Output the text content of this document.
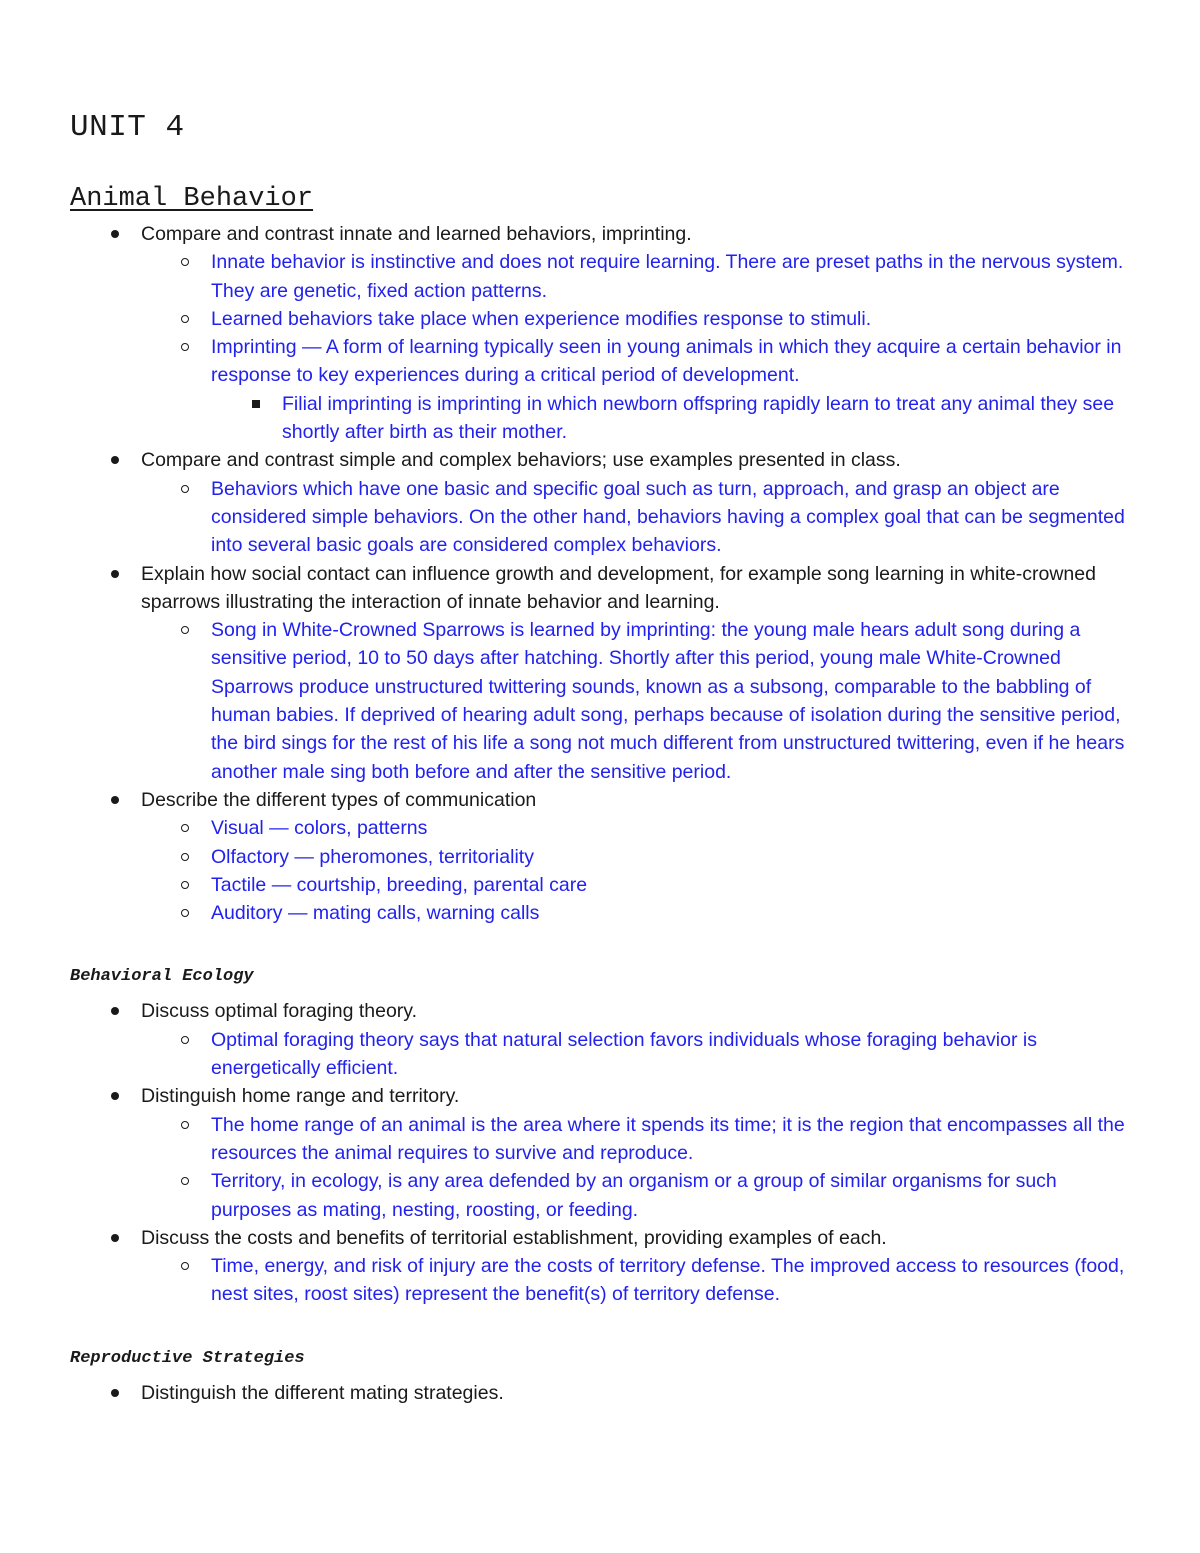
UNIT 4
Animal Behavior
Compare and contrast innate and learned behaviors, imprinting.
Innate behavior is instinctive and does not require learning. There are preset paths in the nervous system. They are genetic, fixed action patterns.
Learned behaviors take place when experience modifies response to stimuli.
Imprinting — A form of learning typically seen in young animals in which they acquire a certain behavior in response to key experiences during a critical period of development.
Filial imprinting is imprinting in which newborn offspring rapidly learn to treat any animal they see shortly after birth as their mother.
Compare and contrast simple and complex behaviors; use examples presented in class.
Behaviors which have one basic and specific goal such as turn, approach, and grasp an object are considered simple behaviors. On the other hand, behaviors having a complex goal that can be segmented into several basic goals are considered complex behaviors.
Explain how social contact can influence growth and development, for example song learning in white-crowned sparrows illustrating the interaction of innate behavior and learning.
Song in White-Crowned Sparrows is learned by imprinting: the young male hears adult song during a sensitive period, 10 to 50 days after hatching. Shortly after this period, young male White-Crowned Sparrows produce unstructured twittering sounds, known as a subsong, comparable to the babbling of human babies. If deprived of hearing adult song, perhaps because of isolation during the sensitive period, the bird sings for the rest of his life a song not much different from unstructured twittering, even if he hears another male sing both before and after the sensitive period.
Describe the different types of communication
Visual — colors, patterns
Olfactory — pheromones, territoriality
Tactile — courtship, breeding, parental care
Auditory — mating calls, warning calls
Behavioral Ecology
Discuss optimal foraging theory.
Optimal foraging theory says that natural selection favors individuals whose foraging behavior is energetically efficient.
Distinguish home range and territory.
The home range of an animal is the area where it spends its time; it is the region that encompasses all the resources the animal requires to survive and reproduce.
Territory, in ecology, is any area defended by an organism or a group of similar organisms for such purposes as mating, nesting, roosting, or feeding.
Discuss the costs and benefits of territorial establishment, providing examples of each.
Time, energy, and risk of injury are the costs of territory defense. The improved access to resources (food, nest sites, roost sites) represent the benefit(s) of territory defense.
Reproductive Strategies
Distinguish the different mating strategies.
